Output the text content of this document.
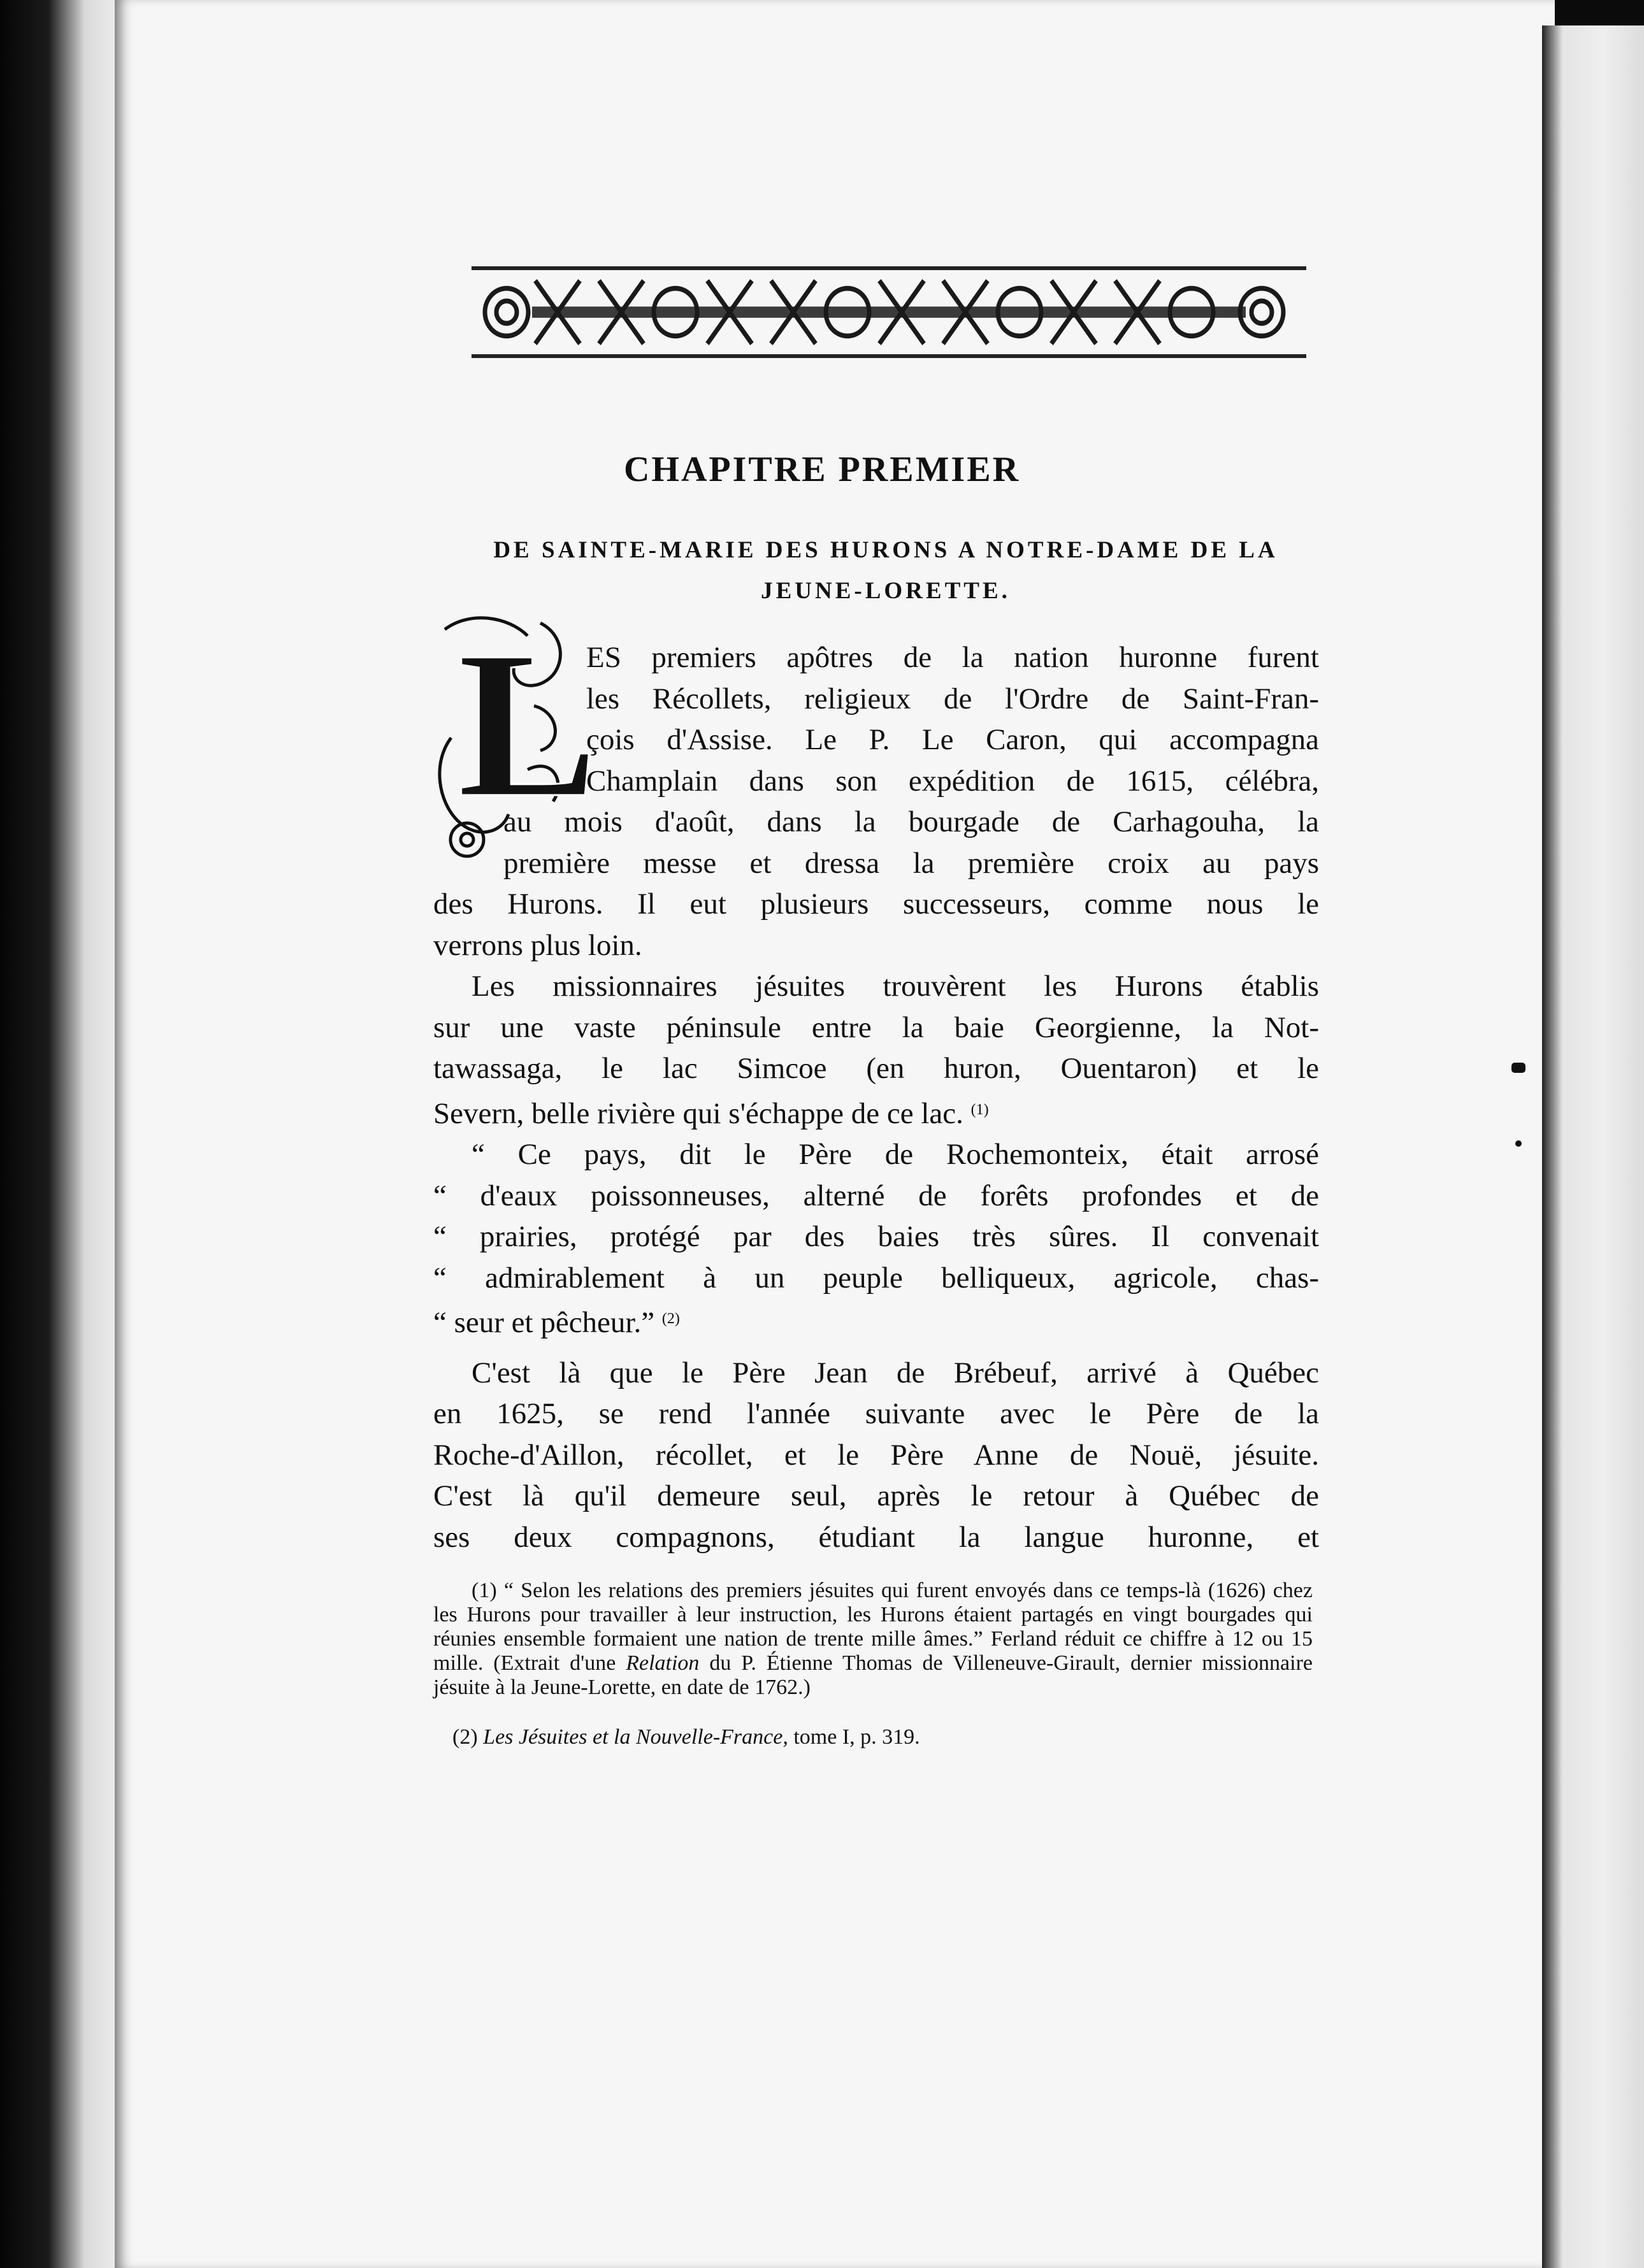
CHAPITRE PREMIER
DE SAINTE-MARIE DES HURONS A NOTRE-DAME DE LA JEUNE-LORETTE.
L

ES premiers apôtres de la nation huronne furent
les Récollets, religieux de l'Ordre de Saint-Fran-
çois d'Assise. Le P. Le Caron, qui accompagna
Champlain dans son expédition de 1615, célébra,
au mois d'août, dans la bourgade de Carhagouha, la
première messe et dressa la première croix au pays
des Hurons. Il eut plusieurs successeurs, comme nous le
verrons plus loin.

Les missionnaires jésuites trouvèrent les Hurons établis
sur une vaste péninsule entre la baie Georgienne, la Not-
tawassaga, le lac Simcoe (en huron, Ouentaron) et le
Severn, belle rivière qui s'échappe de ce lac. $^{(1)}$

“ Ce pays, dit le Père de Rochemonteix, était arrosé
“ d'eaux poissonneuses, alterné de forêts profondes et de
“ prairies, protégé par des baies très sûres. Il convenait
“ admirablement à un peuple belliqueux, agricole, chas-
“ seur et pêcheur.” $^{(2)}$

C'est là que le Père Jean de Brébeuf, arrivé à Québec
en 1625, se rend l'année suivante avec le Père de la
Roche-d'Aillon, récollet, et le Père Anne de Nouë, jésuite.
C'est là qu'il demeure seul, après le retour à Québec de
ses deux compagnons, étudiant la langue huronne, et

(1) “ Selon les relations des premiers jésuites qui furent envoyés dans ce temps-là (1626) chez les Hurons pour travailler à leur instruction, les Hurons étaient partagés en vingt bourgades qui réunies ensemble formaient une nation de trente mille âmes.” Ferland réduit ce chiffre à 12 ou 15 mille. (Extrait d'une Relation du P. Étienne Thomas de Villeneuve-Girault, dernier missionnaire jésuite à la Jeune-Lorette, en date de 1762.)

(2) Les Jésuites et la Nouvelle-France, tome I, p. 319.
